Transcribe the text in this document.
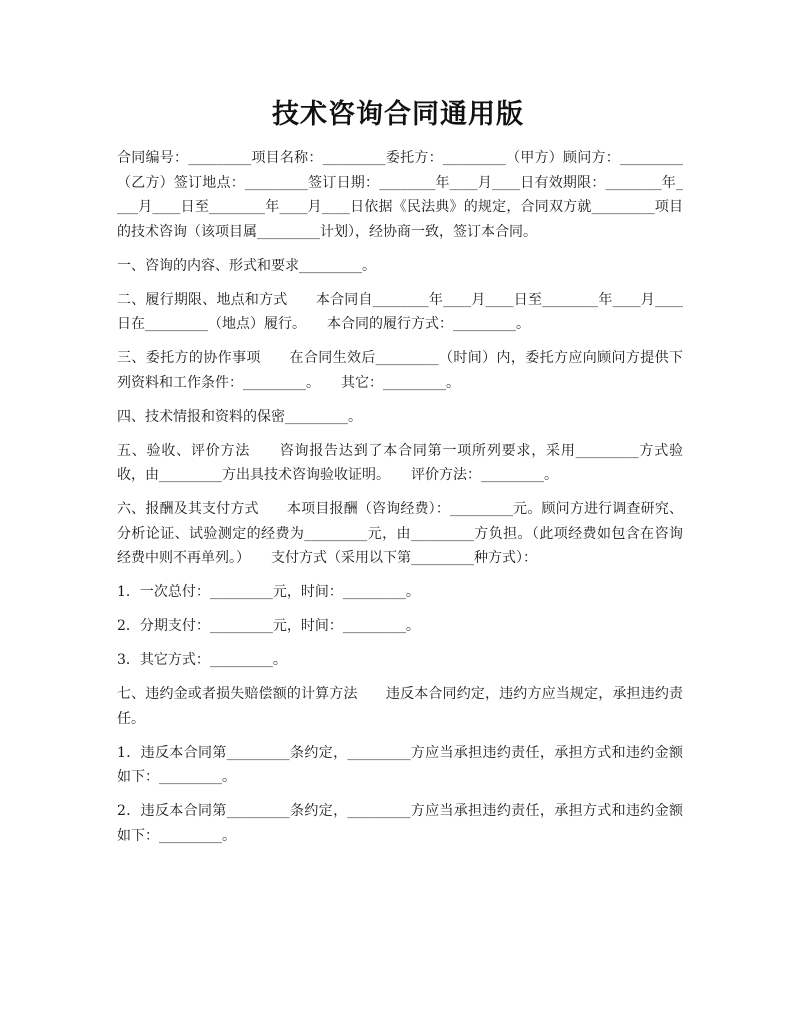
技术咨询合同通用版

合同编号：_________项目名称：_________委托方：_________（甲方）顾问方：_________（乙方）签订地点：_________签订日期：________年____月____日有效期限：________年____月____日至________年____月____日依据《民法典》的规定，合同双方就_________项目的技术咨询（该项目属_________计划），经协商一致，签订本合同。

一、咨询的内容、形式和要求_________。

二、履行期限、地点和方式　　本合同自________年____月____日至________年____月____日在_________（地点）履行。　　本合同的履行方式：_________。

三、委托方的协作事项　　在合同生效后_________（时间）内，委托方应向顾问方提供下列资料和工作条件：_________。　　其它：_________。

四、技术情报和资料的保密_________。

五、验收、评价方法　　咨询报告达到了本合同第一项所列要求，采用_________方式验收，由_________方出具技术咨询验收证明。　　评价方法：_________。

六、报酬及其支付方式　　本项目报酬（咨询经费）：_________元。顾问方进行调查研究、分析论证、试验测定的经费为_________元，由_________方负担。（此项经费如包含在咨询经费中则不再单列。）　　支付方式（采用以下第_________种方式）：

1．一次总付：_________元，时间：_________。

2．分期支付：_________元，时间：_________。

3．其它方式：_________。

七、违约金或者损失赔偿额的计算方法　　违反本合同约定，违约方应当规定，承担违约责任。

1．违反本合同第_________条约定，_________方应当承担违约责任，承担方式和违约金额如下：_________。

2．违反本合同第_________条约定，_________方应当承担违约责任，承担方式和违约金额如下：_________。
